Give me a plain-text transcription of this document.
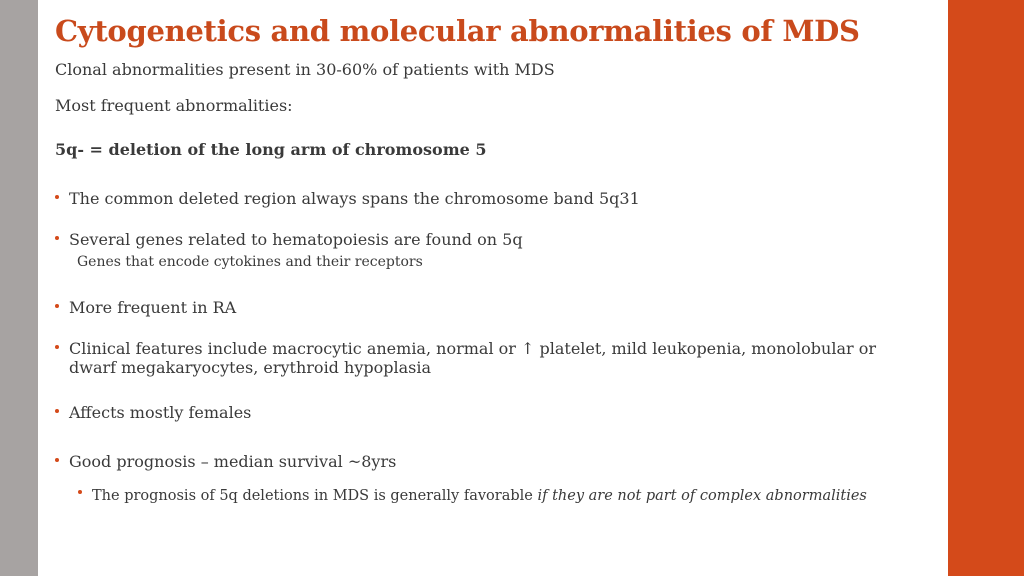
Cytogenetics and molecular abnormalities of MDS
Clonal abnormalities present in 30-60% of patients with MDS
Most frequent abnormalities:
5q- = deletion of the long arm of chromosome 5
The common deleted region always spans the chromosome band 5q31
Several genes related to hematopoiesis are found on 5q
Genes that encode cytokines and their receptors
More frequent in RA
Clinical features include macrocytic anemia, normal or ↑ platelet, mild leukopenia, monolobular or dwarf megakaryocytes, erythroid hypoplasia
Affects mostly females
Good prognosis – median survival ~8yrs
The prognosis of 5q deletions in MDS is generally favorable if they are not part of complex abnormalities
